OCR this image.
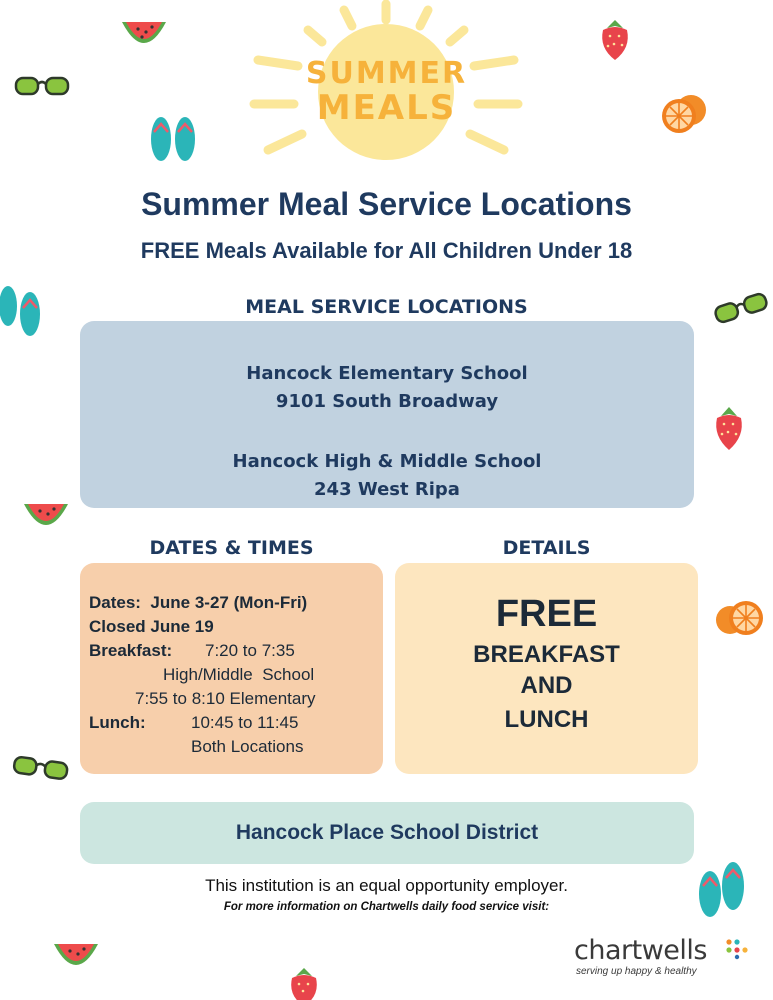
SUMMER
MEALS
Summer Meal Service Locations
FREE Meals Available for All Children Under 18
MEAL SERVICE LOCATIONS
Hancock Elementary School
9101 South Broadway
Hancock High & Middle School
243 West Ripa
DATES & TIMES
Dates: June 3-27 (Mon-Fri)
Closed June 19
Breakfast: 7:20 to 7:35
High/Middle  School
7:55 to 8:10 Elementary
Lunch:	10:45 to 11:45
Both Locations
DETAILS
FREE
BREAKFAST
AND
LUNCH
Hancock Place School District
This institution is an equal opportunity employer.
For more information on Chartwells daily food service visit:
chartwells
serving up happy & healthy
